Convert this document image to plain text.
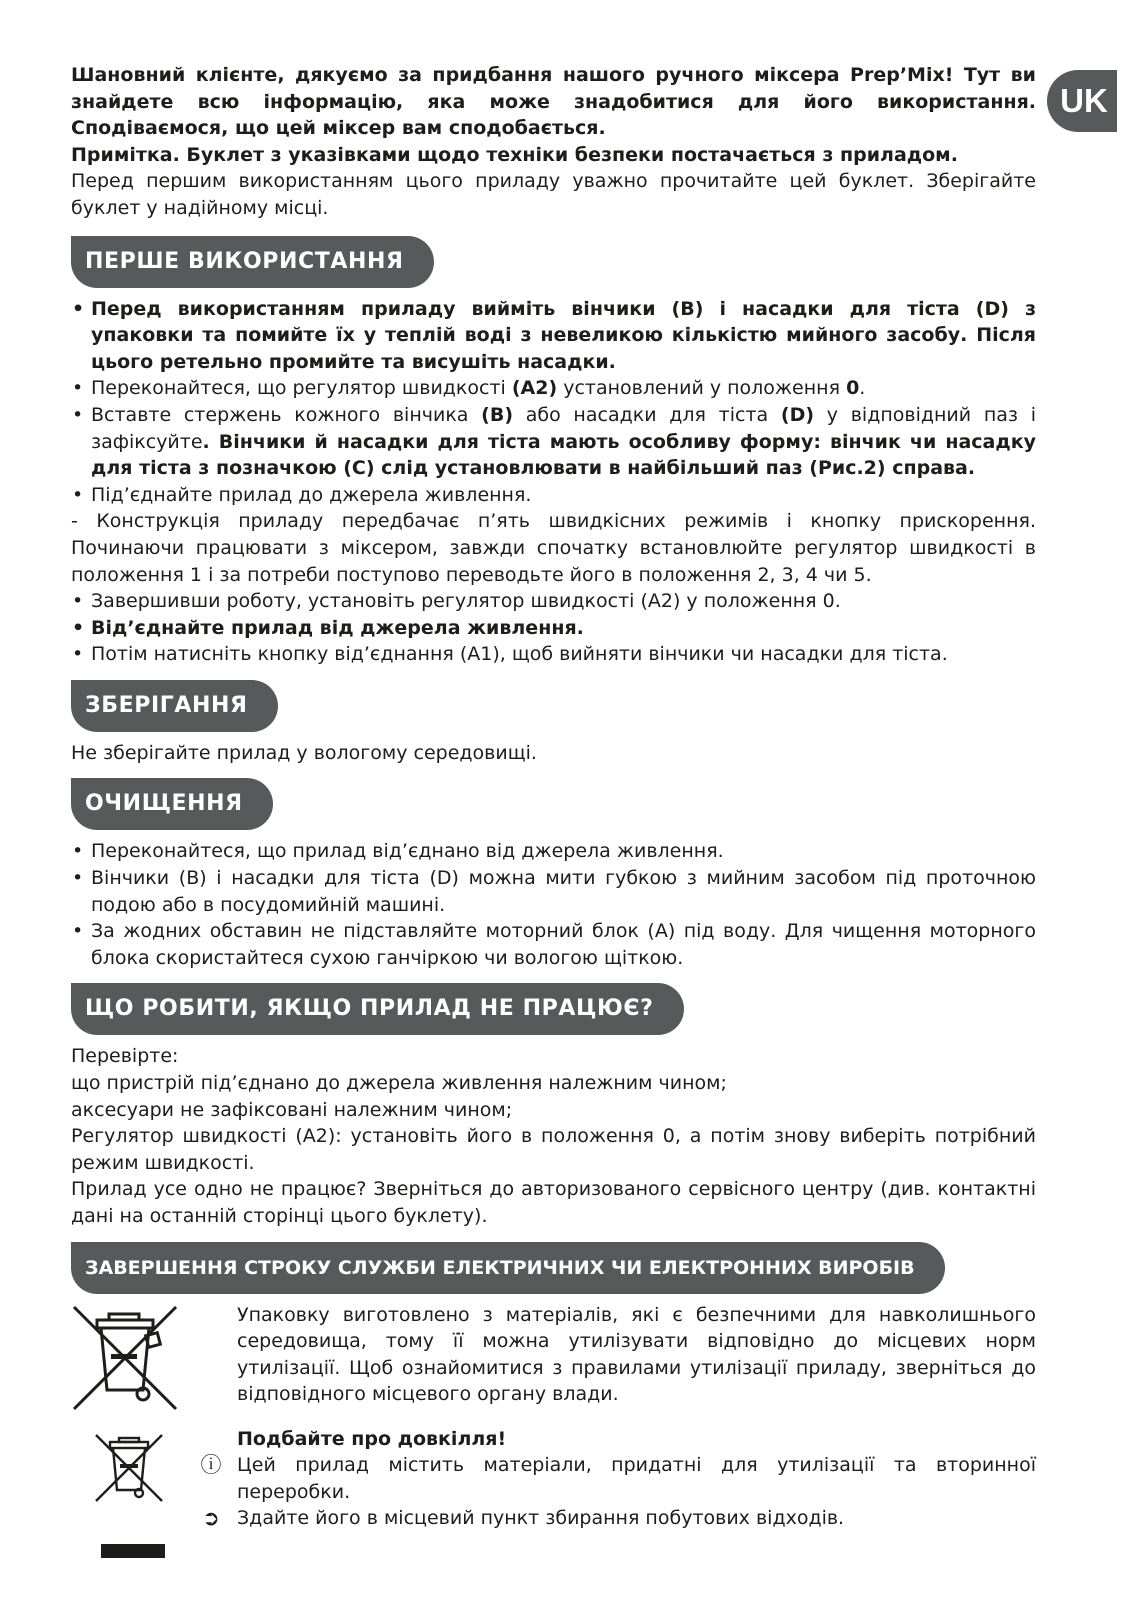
UK

Шановний клієнте, дякуємо за придбання нашого ручного міксера Prep’Mix! Тут ви знайдете всю інформацію, яка може знадобитися для його використання. Сподіваємося, що цей міксер вам сподобається.

Примітка. Буклет з указівками щодо техніки безпеки постачається з приладом.

Перед першим використанням цього приладу уважно прочитайте цей буклет. Зберігайте буклет у надійному місці.

ПЕРШЕ ВИКОРИСТАННЯ
• Перед використанням приладу вийміть вінчики (B) і насадки для тіста (D) з упаковки та помийте їх у теплій воді з невеликою кількістю мийного засобу. Після цього ретельно промийте та висушіть насадки.
• Переконайтеся, що регулятор швидкості (A2) установлений у положення 0.
• Вставте стержень кожного вінчика (B) або насадки для тіста (D) у відповідний паз і зафіксуйте. Вінчики й насадки для тіста мають особливу форму: вінчик чи насадку для тіста з позначкою (C) слід установлювати в найбільший паз (Рис.2) справа.
• Під’єднайте прилад до джерела живлення.

- Конструкція приладу передбачає п’ять швидкісних режимів і кнопку прискорення. Починаючи працювати з міксером, завжди спочатку встановлюйте регулятор швидкості в положення 1 і за потреби поступово переводьте його в положення 2, 3, 4 чи 5.

• Завершивши роботу, установіть регулятор швидкості (A2) у положення 0.
• Від’єднайте прилад від джерела живлення.
• Потім натисніть кнопку від’єднання (A1), щоб вийняти вінчики чи насадки для тіста.
ЗБЕРІГАННЯ

Не зберігайте прилад у вологому середовищі.

ОЧИЩЕННЯ
• Переконайтеся, що прилад від’єднано від джерела живлення.
• Вінчики (B) і насадки для тіста (D) можна мити губкою з мийним засобом під проточною подою або в посудомийній машині.
• За жодних обставин не підставляйте моторний блок (A) під воду. Для чищення моторного блока скористайтеся сухою ганчіркою чи вологою щіткою.
ЩО РОБИТИ, ЯКЩО ПРИЛАД НЕ ПРАЦЮЄ?

Перевірте:

що пристрій під’єднано до джерела живлення належним чином;

аксесуари не зафіксовані належним чином;

Регулятор швидкості (A2): установіть його в положення 0, а потім знову виберіть потрібний режим швидкості.

Прилад усе одно не працює? Зверніться до авторизованого сервісного центру (див. контактні дані на останній сторінці цього буклету).

ЗАВЕРШЕННЯ СТРОКУ СЛУЖБИ ЕЛЕКТРИЧНИХ ЧИ ЕЛЕКТРОННИХ ВИРОБІВ

Упаковку виготовлено з матеріалів, які є безпечними для навколишнього середовища, тому її можна утилізувати відповідно до місцевих норм утилізації. Щоб ознайомитися з правилами утилізації приладу, зверніться до відповідного місцевого органу влади.

Подбайте про довкілля!

ⓘ Цей прилад містить матеріали, придатні для утилізації та вторинної переробки.

➲ Здайте його в місцевий пункт збирання побутових відходів.
